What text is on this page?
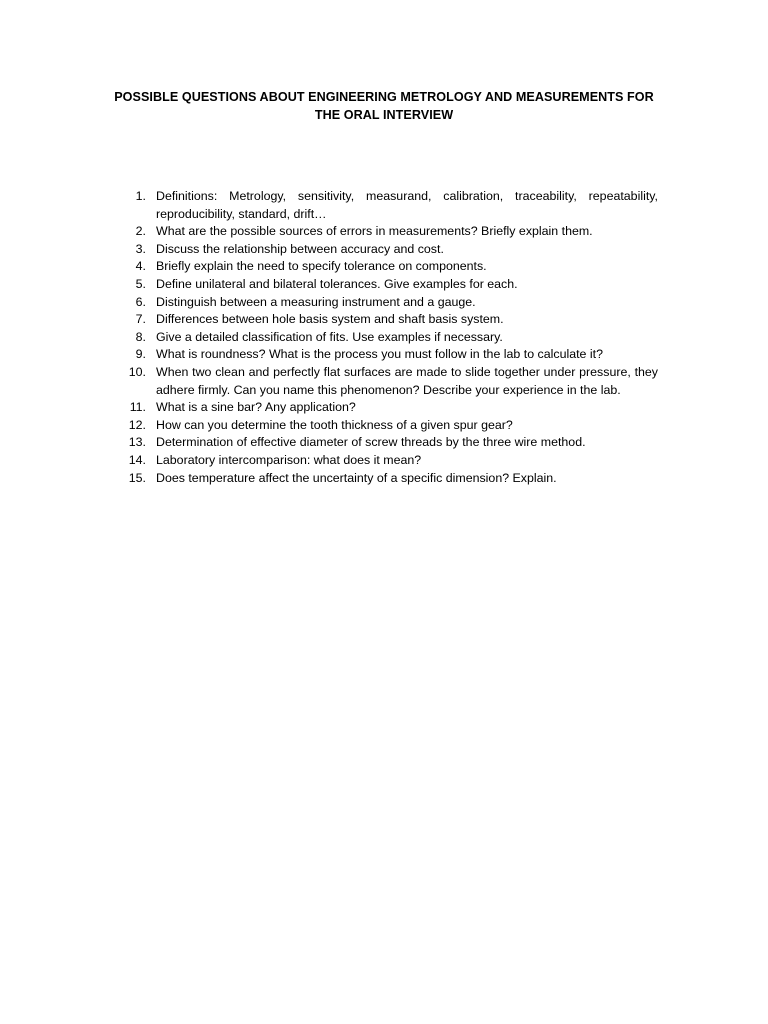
POSSIBLE QUESTIONS ABOUT ENGINEERING METROLOGY AND MEASUREMENTS FOR
THE ORAL INTERVIEW
1. Definitions: Metrology, sensitivity, measurand, calibration, traceability, repeatability, reproducibility, standard, drift…
2. What are the possible sources of errors in measurements? Briefly explain them.
3. Discuss the relationship between accuracy and cost.
4. Briefly explain the need to specify tolerance on components.
5. Define unilateral and bilateral tolerances. Give examples for each.
6. Distinguish between a measuring instrument and a gauge.
7. Differences between hole basis system and shaft basis system.
8. Give a detailed classification of fits. Use examples if necessary.
9. What is roundness? What is the process you must follow in the lab to calculate it?
10. When two clean and perfectly flat surfaces are made to slide together under pressure, they adhere firmly. Can you name this phenomenon? Describe your experience in the lab.
11. What is a sine bar? Any application?
12. How can you determine the tooth thickness of a given spur gear?
13. Determination of effective diameter of screw threads by the three wire method.
14. Laboratory intercomparison: what does it mean?
15. Does temperature affect the uncertainty of a specific dimension? Explain.
